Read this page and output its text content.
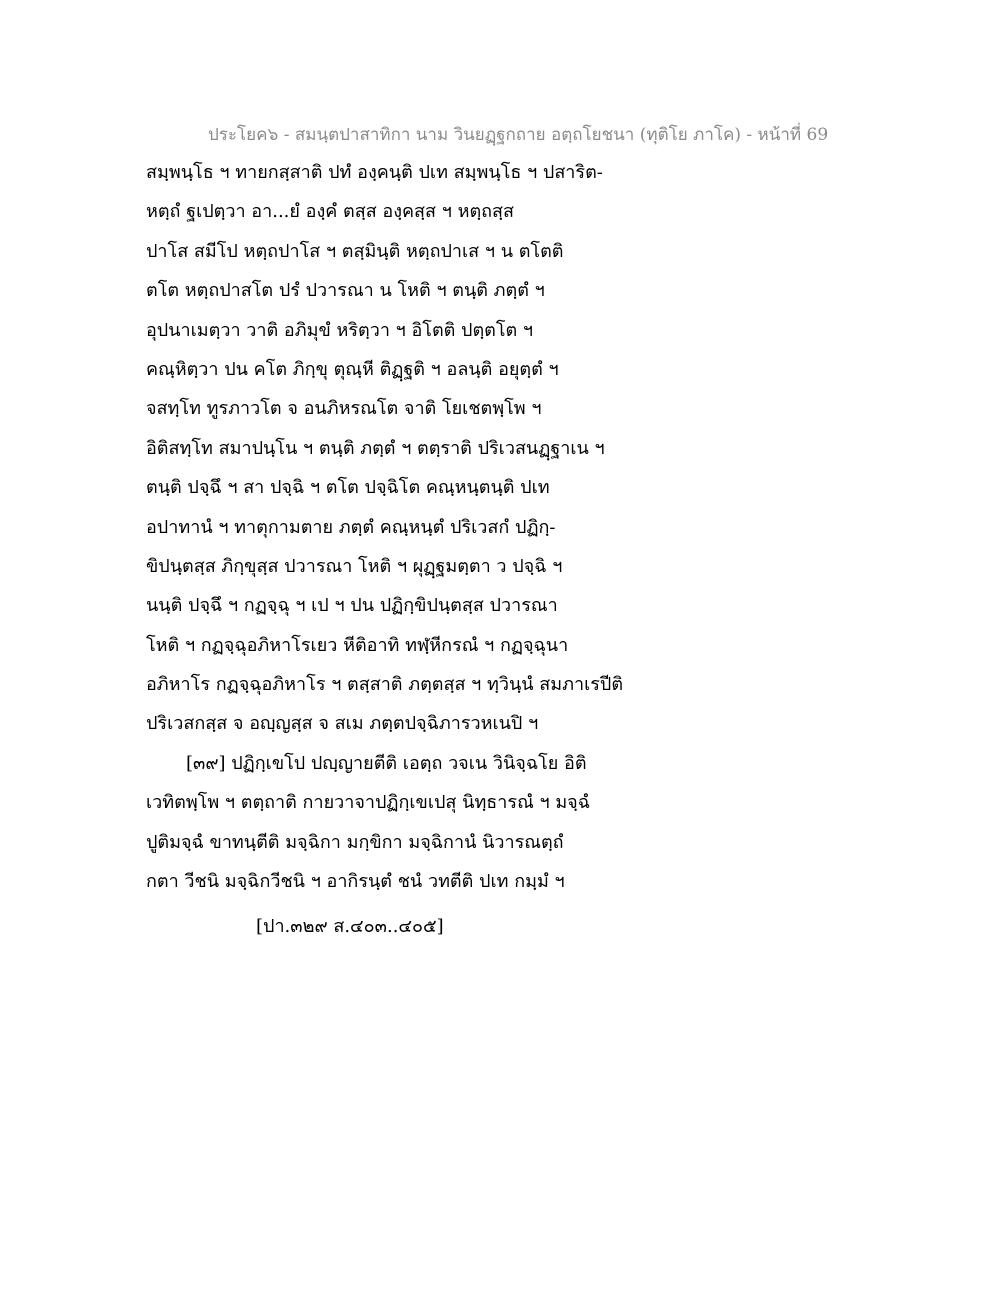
ประโยค๖ - สมนฺตปาสาทิกา นาม วินยฏฺฐกถาย อตฺถโยชนา (ทุติโย ภาโค) - หน้าที่ 69
สมฺพนฺโธ ฯ ทายกสฺสาติ ปทํ องฺคนฺติ ปเท สมฺพนฺโธ ฯ ปสาริต-
หตฺถํ ฐเปตฺวา อา...ยํ องฺคํ ตสฺส องฺคสฺส ฯ หตฺถสฺส
ปาโส สมีโป หตฺถปาโส ฯ ตสฺมินฺติ หตฺถปาเส ฯ น ตโตติ
ตโต หตฺถปาสโต ปรํ ปวารณา น โหติ ฯ ตนฺติ ภตฺตํ ฯ
อุปนาเมตฺวา วาติ อภิมุขํ หริตฺวา ฯ อิโตติ ปตฺตโต ฯ
คณฺหิตฺวา ปน คโต ภิกฺขุ ตุณฺหี ติฏฺฐติ ฯ อลนฺติ อยุตฺตํ ฯ
จสทฺโท ทูรภาวโต จ อนภิหรณโต จาติ โยเชตพฺโพ ฯ
อิติสทฺโท สมาปนฺโน ฯ ตนฺติ ภตฺตํ ฯ ตตฺราติ ปริเวสนฏฺฐาเน ฯ
ตนฺติ ปจฺฉึ ฯ สา ปจฺฉิ ฯ ตโต ปจฺฉิโต คณฺหนฺตนฺติ ปเท
อปาทานํ ฯ ทาตุกามตาย ภตฺตํ คณฺหนฺตํ ปริเวสกํ ปฏิกฺ-
ขิปนฺตสฺส ภิกฺขุสฺส ปวารณา โหติ ฯ ผุฏฺฐมตฺตา ว ปจฺฉิ ฯ
นนฺติ ปจฺฉึ ฯ กฏจฺฉุ ฯ เป ฯ ปน ปฏิกฺขิปนฺตสฺส ปวารณา
โหติ ฯ กฏจฺฉุอภิหาโรเยว หีติอาทิ ทฬฺหีกรณํ ฯ กฏจฺฉุนา
อภิหาโร กฏจฺฉุอภิหาโร ฯ ตสฺสาติ ภตฺตสฺส ฯ ทฺวินฺนํ สมภาเรปีติ
ปริเวสกสฺส จ อญฺญสฺส จ สเม ภตฺตปจฺฉิภารวหเนปิ ฯ
[๓๙] ปฏิกฺเขโป ปญฺญายตีติ เอตฺถ วจเน วินิจฺฉโย อิติ
เวทิตพฺโพ ฯ ตตฺถาติ กายวาจาปฏิกฺเขเปสุ นิทฺธารณํ ฯ มจฺฉํ
ปูติมจฺฉํ ขาทนฺตีติ มจฺฉิกา มกฺขิกา มจฺฉิกานํ นิวารณตฺถํ
กตา วีชนิ มจฺฉิกวีชนิ ฯ อากิรนฺตํ ชนํ วทตีติ ปเท กมฺมํ ฯ
[ปา.๓๒๙ ส.๔๐๓..๔๐๕]
